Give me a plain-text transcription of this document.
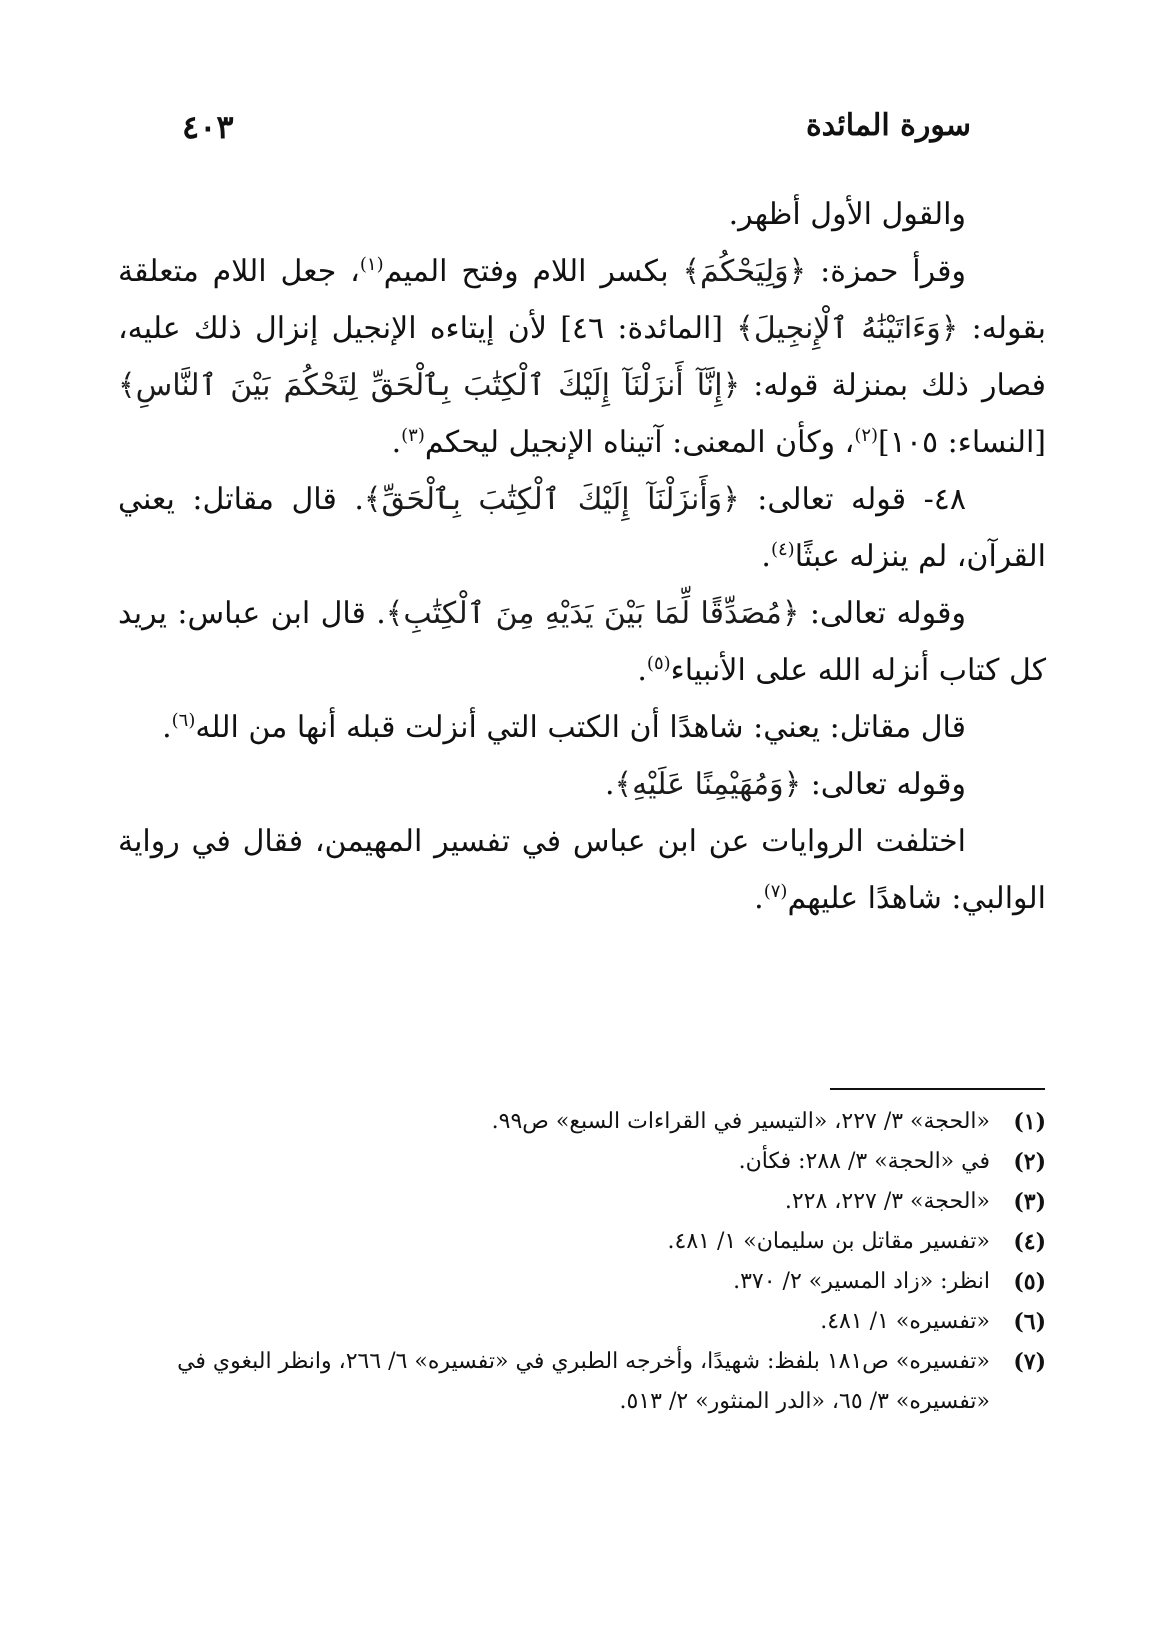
سورة المائدة
٤٠٣

والقول الأول أظهر.

وقرأ حمزة: ﴿وَلِيَحْكُمَ﴾ بكسر اللام وفتح الميم$^{(١)}$، جعل اللام متعلقة بقوله: ﴿وَءَاتَيْنَٰهُ ٱلْإِنجِيلَ﴾ [المائدة: ٤٦] لأن إيتاءه الإنجيل إنزال ذلك عليه، فصار ذلك بمنزلة قوله: ﴿إِنَّآ أَنزَلْنَآ إِلَيْكَ ٱلْكِتَٰبَ بِٱلْحَقِّ لِتَحْكُمَ بَيْنَ ٱلنَّاسِ﴾ [النساء: ١٠٥]$^{(٢)}$، وكأن المعنى: آتيناه الإنجيل ليحكم$^{(٣)}$.

٤٨- قوله تعالى: ﴿وَأَنزَلْنَآ إِلَيْكَ ٱلْكِتَٰبَ بِٱلْحَقِّ﴾. قال مقاتل: يعني القرآن، لم ينزله عبثًا$^{(٤)}$.

وقوله تعالى: ﴿مُصَدِّقًا لِّمَا بَيْنَ يَدَيْهِ مِنَ ٱلْكِتَٰبِ﴾. قال ابن عباس: يريد كل كتاب أنزله الله على الأنبياء$^{(٥)}$.

قال مقاتل: يعني: شاهدًا أن الكتب التي أنزلت قبله أنها من الله$^{(٦)}$.

وقوله تعالى: ﴿وَمُهَيْمِنًا عَلَيْهِ﴾.

اختلفت الروايات عن ابن عباس في تفسير المهيمن، فقال في رواية الوالبي: شاهدًا عليهم$^{(٧)}$.

(١)
«الحجة» ٣/ ٢٢٧، «التيسير في القراءات السبع» ص٩٩.
(٢)
في «الحجة» ٣/ ٢٨٨: فكأن.
(٣)
«الحجة» ٣/ ٢٢٧، ٢٢٨.
(٤)
«تفسير مقاتل بن سليمان» ١/ ٤٨١.
(٥)
انظر: «زاد المسير» ٢/ ٣٧٠.
(٦)
«تفسيره» ١/ ٤٨١.
(٧)
«تفسيره» ص١٨١ بلفظ: شهيدًا، وأخرجه الطبري في «تفسيره» ٦/ ٢٦٦، وانظر البغوي في «تفسيره» ٣/ ٦٥، «الدر المنثور» ٢/ ٥١٣.
